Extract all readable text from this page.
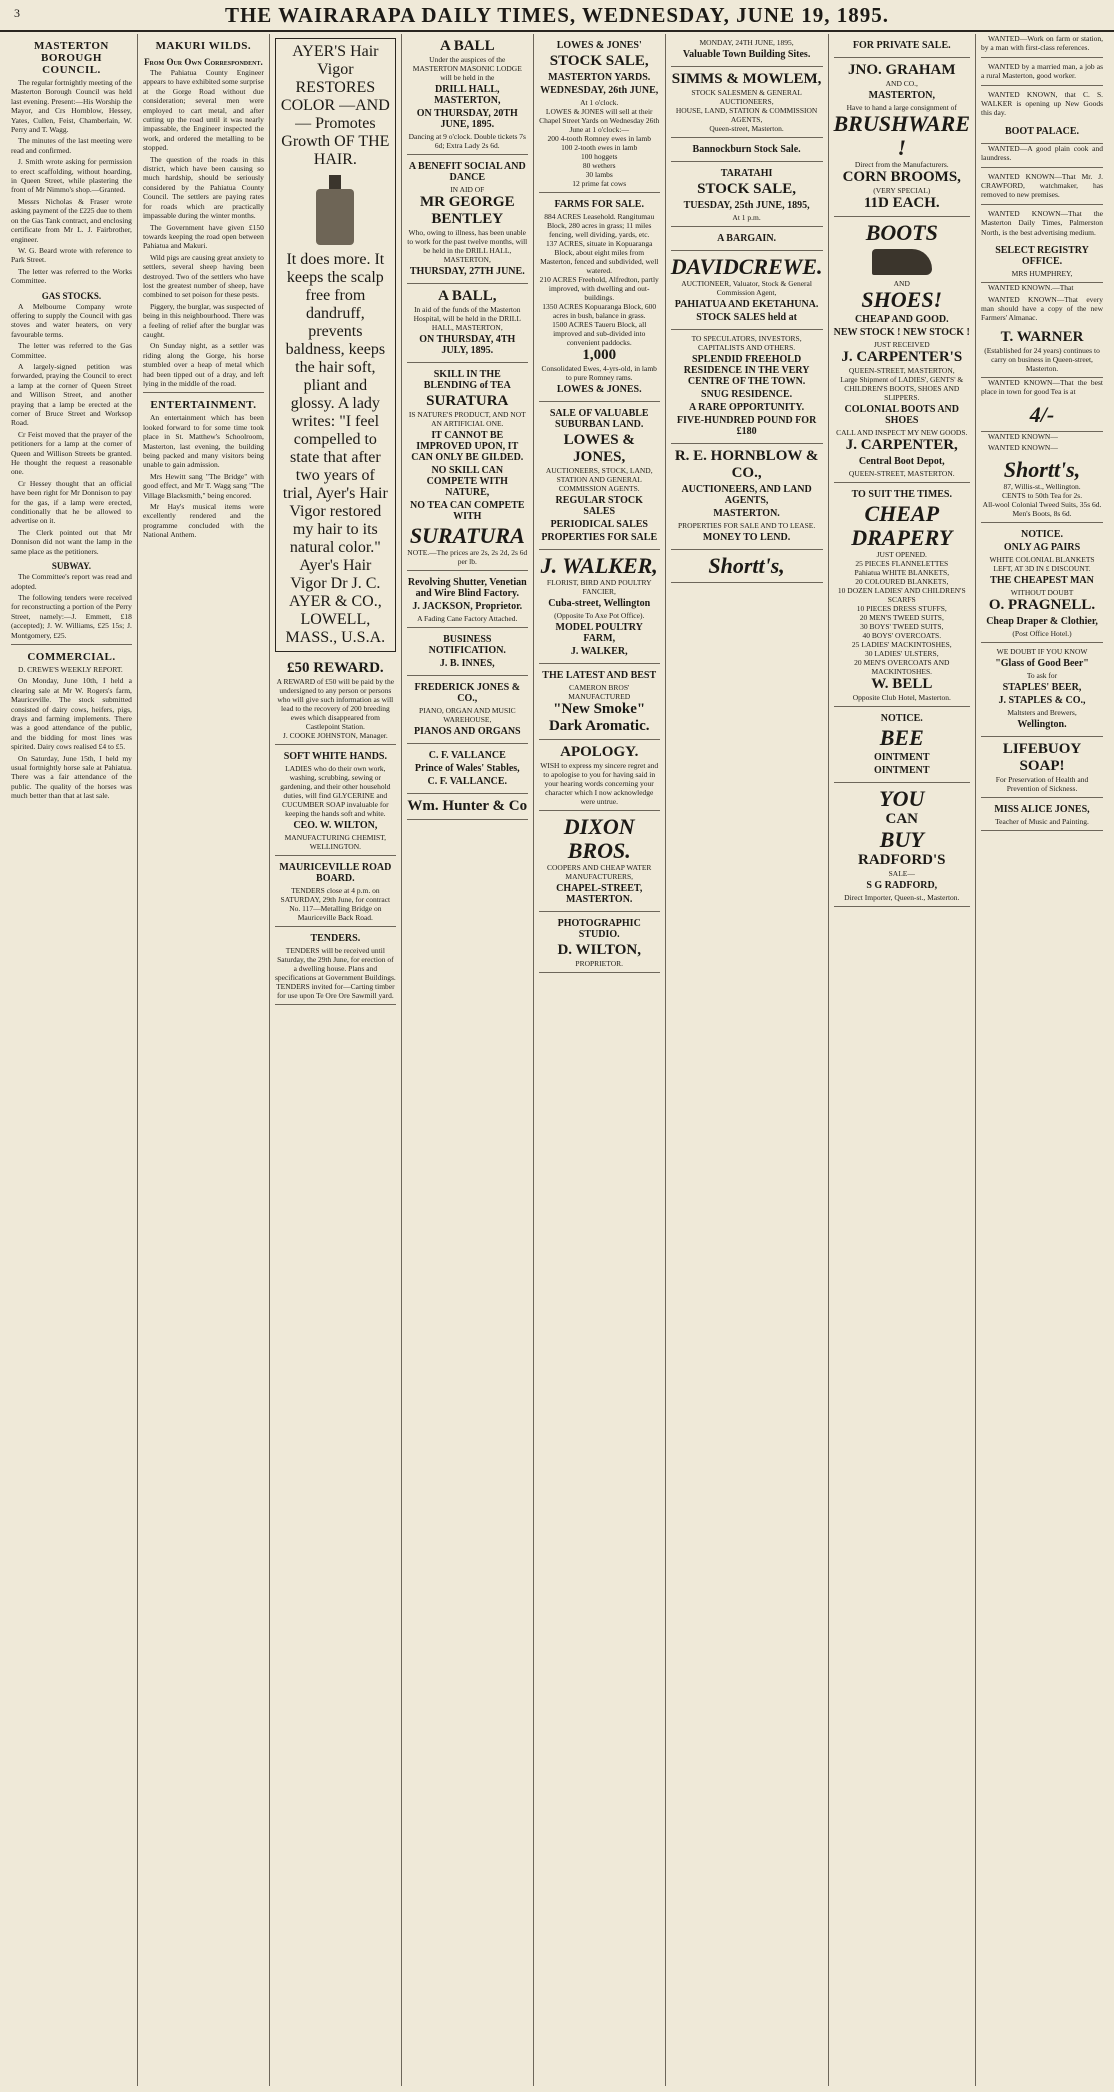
3	THE WAIRARAPA DAILY TIMES, WEDNESDAY, JUNE 19, 1895.
MASTERTON BOROUGH COUNCIL.

The regular fortnightly meeting of the Masterton Borough Council was held last evening. Present:—His Worship the Mayor, and Crs Hornblow, Hessey, Yates, Cullen, Feist, Chamberlain, W. Perry and T. Wagg.

The minutes of the last meeting were read and confirmed.

J. Smith wrote asking for permission to erect scaffolding, without hoarding, in Queen Street, while plastering the front of Mr Nimmo's shop.—Granted.

Messrs Nicholas & Fraser wrote asking payment of the £225 due to them on the Gas Tank contract, and enclosing certificate from Mr L. J. Fairbrother, engineer.

W. G. Beard wrote with reference to Park Street.

The letter was referred to the Works Committee.

GAS STOCKS.

A Melbourne Company wrote offering to supply the Council with gas stoves and water heaters, on very favourable terms.

The letter was referred to the Gas Committee.

A largely-signed petition was forwarded, praying the Council to erect a lamp at the corner of Queen Street and Willison Street, and another praying that a lamp be erected at the corner of Bruce Street and Worksop Road.

Cr Feist moved that the prayer of the petitioners for a lamp at the corner of Queen and Willison Streets be granted. He thought the request a reasonable one.

Cr Hessey thought that an official have been right for Mr Donnison to pay for the gas, if a lamp were erected, conditionally that he be allowed to advertise on it.

The Clerk pointed out that Mr Donnison did not want the lamp in the same place as the petitioners.

SUBWAY.

The Committee's report was read and adopted.

The following tenders were received for reconstructing a portion of the Perry Street, namely:—J. Emmett, £18 (accepted); J. W. Williams, £25 15s; J. Montgomery, £25.

COMMERCIAL.

D. CREWE'S WEEKLY REPORT.

On Monday, June 10th, I held a clearing sale at Mr W. Rogers's farm, Mauriceville. The stock submitted consisted of dairy cows, heifers, pigs, drays and farming implements. There was a good attendance of the public, and the bidding for most lines was spirited. Dairy cows realised £4 to £5.

On Saturday, June 15th, I held my usual fortnightly horse sale at Pahiatua. There was a fair attendance of the public. The quality of the horses was much better than that at last sale.

MAKURI WILDS.
From Our Own Correspondent.

The Pahiatua County Engineer appears to have exhibited some surprise at the Gorge Road without due consideration; several men were employed to cart metal, and after cutting up the road until it was nearly impassable, the Engineer inspected the work, and ordered the metalling to be stopped.

The question of the roads in this district, which have been causing so much hardship, should be seriously considered by the Pahiatua County Council. The settlers are paying rates for roads which are practically impassable during the winter months.

The Government have given £150 towards keeping the road open between Pahiatua and Makuri.

Wild pigs are causing great anxiety to settlers, several sheep having been destroyed. Two of the settlers who have lost the greatest number of sheep, have combined to set poison for these pests.

Piggery, the burglar, was suspected of being in this neighbourhood. There was a feeling of relief after the burglar was caught.

On Sunday night, as a settler was riding along the Gorge, his horse stumbled over a heap of metal which had been tipped out of a dray, and left lying in the middle of the road.

ENTERTAINMENT.

An entertainment which has been looked forward to for some time took place in St. Matthew's Schoolroom, Masterton, last evening, the building being packed and many visitors being unable to gain admission.

Mrs Hewitt sang "The Bridge" with good effect, and Mr T. Wagg sang "The Village Blacksmith," being encored.

Mr Hay's musical items were excellently rendered and the programme concluded with the National Anthem.

AYER'S Hair Vigor RESTORES COLOR —AND— Promotes Growth OF THE HAIR.
It does more. It keeps the scalp free from dandruff, prevents baldness, keeps the hair soft, pliant and glossy. A lady writes: "I feel compelled to state that after two years of trial, Ayer's Hair Vigor restored my hair to its natural color." Ayer's Hair Vigor Dr J. C. AYER & CO., LOWELL, MASS., U.S.A.
£50 REWARD.
A REWARD of £50 will be paid by the undersigned to any person or persons who will give such information as will lead to the recovery of 200 breeding ewes which disappeared from Castlepoint Station.
J. COOKE JOHNSTON, Manager.
SOFT WHITE HANDS.
LADIES who do their own work, washing, scrubbing, sewing or gardening, and their other household duties, will find GLYCERINE and CUCUMBER SOAP invaluable for keeping the hands soft and white.
CEO. W. WILTON,
MANUFACTURING CHEMIST, WELLINGTON.
MAURICEVILLE ROAD BOARD.
TENDERS close at 4 p.m. on SATURDAY, 29th June, for contract No. 117—Metalling Bridge on Mauriceville Back Road.
TENDERS.
TENDERS will be received until Saturday, the 29th June, for erection of a dwelling house. Plans and specifications at Government Buildings.
TENDERS invited for—Carting timber for use upon Te Ore Ore Sawmill yard.
A BALL
Under the auspices of the MASTERTON MASONIC LODGE will be held in the
DRILL HALL, MASTERTON,
ON THURSDAY, 20TH JUNE, 1895.
Dancing at 9 o'clock. Double tickets 7s 6d; Extra Lady 2s 6d.
A BENEFIT SOCIAL AND DANCE
IN AID OF
MR GEORGE BENTLEY
Who, owing to illness, has been unable to work for the past twelve months, will be held in the DRILL HALL, MASTERTON,
THURSDAY, 27TH JUNE.
A BALL,
In aid of the funds of the Masterton Hospital, will be held in the DRILL HALL, MASTERTON,
ON THURSDAY, 4TH JULY, 1895.
SKILL IN THE BLENDING of TEA
SURATURA
IS NATURE'S PRODUCT, AND NOT AN ARTIFICIAL ONE.
IT CANNOT BE IMPROVED UPON, IT CAN ONLY BE GILDED.
NO SKILL CAN COMPETE WITH NATURE,
NO TEA CAN COMPETE WITH
SURATURA
NOTE.—The prices are 2s, 2s 2d, 2s 6d per lb.
Revolving Shutter, Venetian and Wire Blind Factory.
J. JACKSON, Proprietor.
A Fading Cane Factory Attached.
BUSINESS NOTIFICATION.
J. B. INNES,
FREDERICK JONES & CO.,
PIANO, ORGAN AND MUSIC WAREHOUSE,
PIANOS AND ORGANS
C. F. VALLANCE
Prince of Wales' Stables,
C. F. VALLANCE.
Wm. Hunter & Co
LOWES & JONES'
STOCK SALE,
MASTERTON YARDS.
WEDNESDAY, 26th JUNE,
At 1 o'clock.
LOWES & JONES will sell at their Chapel Street Yards on Wednesday 26th June at 1 o'clock:—
200 4-tooth Romney ewes in lamb
100 2-tooth ewes in lamb
100 hoggets
80 wethers
30 lambs
12 prime fat cows
FARMS FOR SALE.
884 ACRES Leasehold. Rangitumau Block, 280 acres in grass; 11 miles fencing, well dividing, yards, etc.
137 ACRES, situate in Kopuaranga Block, about eight miles from Masterton, fenced and subdivided, well watered.
210 ACRES Freehold, Alfredton, partly improved, with dwelling and out-buildings.
1350 ACRES Kopuaranga Block, 600 acres in bush, balance in grass.
1500 ACRES Taueru Block, all improved and sub-divided into convenient paddocks.
1,000
Consolidated Ewes, 4-yrs-old, in lamb to pure Romney rams.
LOWES & JONES.
SALE OF VALUABLE SUBURBAN LAND.
LOWES & JONES,
AUCTIONEERS, STOCK, LAND, STATION AND GENERAL COMMISSION AGENTS.
REGULAR STOCK SALES
PERIODICAL SALES
PROPERTIES FOR SALE
J. WALKER,
FLORIST, BIRD AND POULTRY FANCIER,
Cuba-street, Wellington
(Opposite To Axe Pot Office).
MODEL POULTRY FARM,
J. WALKER,
THE LATEST AND BEST
CAMERON BROS' MANUFACTURED
"New Smoke" Dark Aromatic.
APOLOGY.
WISH to express my sincere regret and to apologise to you for having said in your hearing words concerning your character which I now acknowledge were untrue.
DIXON BROS.
COOPERS AND CHEAP WATER MANUFACTURERS,
CHAPEL-STREET, MASTERTON.
PHOTOGRAPHIC STUDIO.
D. WILTON,
PROPRIETOR.
MONDAY, 24TH JUNE, 1895,
Valuable Town Building Sites.
SIMMS & MOWLEM,
STOCK SALESMEN & GENERAL AUCTIONEERS,
HOUSE, LAND, STATION & COMMISSION AGENTS,
Queen-street, Masterton.
Bannockburn Stock Sale.
TARATAHI
STOCK SALE,
TUESDAY, 25th JUNE, 1895,
At 1 p.m.
A BARGAIN.
DAVIDCREWE.
AUCTIONEER, Valuator, Stock & General Commission Agent,
PAHIATUA AND EKETAHUNA.
STOCK SALES held at
TO SPECULATORS, INVESTORS, CAPITALISTS AND OTHERS.
SPLENDID FREEHOLD RESIDENCE IN THE VERY CENTRE OF THE TOWN.
SNUG RESIDENCE.
A RARE OPPORTUNITY.
FIVE-HUNDRED POUND FOR £180
R. E. HORNBLOW & CO.,
AUCTIONEERS, AND LAND AGENTS,
MASTERTON.
PROPERTIES FOR SALE AND TO LEASE.
MONEY TO LEND.
Shortt's,
FOR PRIVATE SALE.
JNO. GRAHAM
AND CO.,
MASTERTON,
Have to hand a large consignment of
BRUSHWARE !
Direct from the Manufacturers.
CORN BROOMS,
(VERY SPECIAL)
11D EACH.
BOOTS
AND
SHOES!
CHEAP AND GOOD.
NEW STOCK ! NEW STOCK !
JUST RECEIVED
J. CARPENTER'S
QUEEN-STREET, MASTERTON,
Large Shipment of LADIES', GENTS' & CHILDREN'S BOOTS, SHOES AND SLIPPERS.
COLONIAL BOOTS AND SHOES
CALL AND INSPECT MY NEW GOODS.
J. CARPENTER,
Central Boot Depot,
QUEEN-STREET, MASTERTON.
TO SUIT THE TIMES.
CHEAP
DRAPERY
JUST OPENED.
25 PIECES FLANNELETTES
Pahiatua WHITE BLANKETS,
20 COLOURED BLANKETS,
10 DOZEN LADIES' AND CHILDREN'S SCARFS
10 PIECES DRESS STUFFS,
20 MEN'S TWEED SUITS,
30 BOYS' TWEED SUITS,
40 BOYS' OVERCOATS.
25 LADIES' MACKINTOSHES,
30 LADIES' ULSTERS,
20 MEN'S OVERCOATS AND MACKINTOSHES.
W. BELL
Opposite Club Hotel, Masterton.
NOTICE.
BEE
OINTMENT
OINTMENT
YOU
CAN
BUY
RADFORD'S
SALE—
S G RADFORD,
Direct Importer, Queen-st., Masterton.

WANTED—Work on farm or station, by a man with first-class references.

WANTED by a married man, a job as a rural Masterton, good worker.

WANTED KNOWN, that C. S. WALKER is opening up New Goods this day.

BOOT PALACE.

WANTED—A good plain cook and laundress.

WANTED KNOWN—That Mr. J. CRAWFORD, watchmaker, has removed to new premises.

WANTED KNOWN—That the Masterton Daily Times, Palmerston North, is the best advertising medium.

SELECT REGISTRY OFFICE.
MRS HUMPHREY,

WANTED KNOWN.—That

WANTED KNOWN—That every man should have a copy of the new Farmers' Almanac.

T. WARNER
(Established for 24 years) continues to carry on business in Queen-street, Masterton.

WANTED KNOWN—That the best place in town for good Tea is at

4/-

WANTED KNOWN—

WANTED KNOWN—

Shortt's,
87, Willis-st., Wellington.
CENTS to 50th Tea for 2s.
All-wool Colonial Tweed Suits, 35s 6d. Men's Boots, 8s 6d.
NOTICE.
ONLY AG PAIRS
WHITE COLONIAL BLANKETS LEFT, AT 3D IN £ DISCOUNT.
THE CHEAPEST MAN
WITHOUT DOUBT
O. PRAGNELL.
Cheap Draper & Clothier,
(Post Office Hotel.)
WE DOUBT IF YOU KNOW
"Glass of Good Beer"
To ask for
STAPLES' BEER,
J. STAPLES & CO.,
Maltsters and Brewers,
Wellington.
LIFEBUOY SOAP!
For Preservation of Health and Prevention of Sickness.
MISS ALICE JONES,
Teacher of Music and Painting.
